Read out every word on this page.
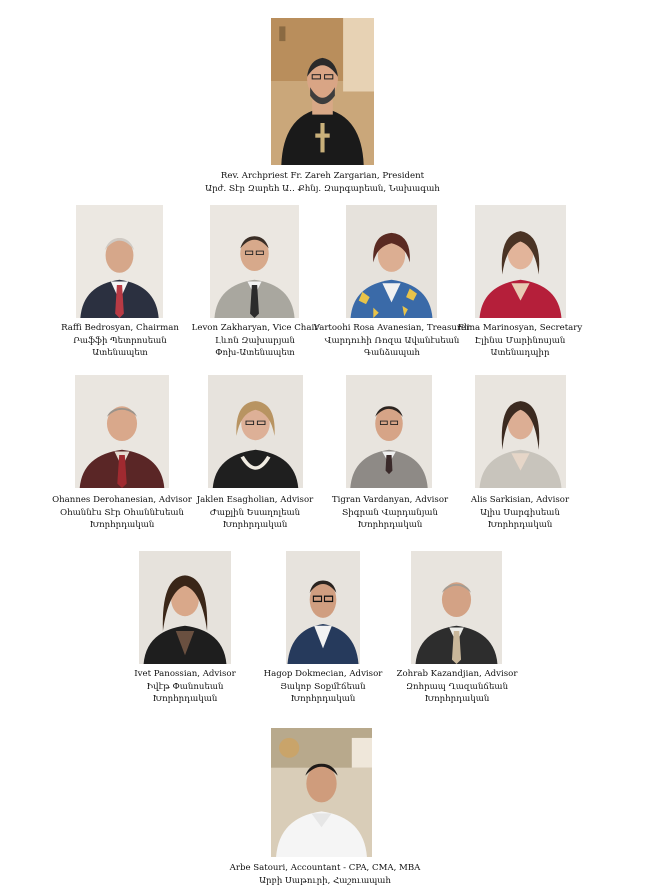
Rev. Archpriest Fr. Zareh Zargarian, President
Արժ. Տէր Զարեհ Ա․․ Քհնյ. Զարգարեան, Նախագահ
Raffi Bedrosyan, Chairman
Րաֆֆի Պետրոսեան
Ատենապետ
Levon Zakharyan, Vice Chair
Լևոն Զախարյան
Փոխ-Ատենապետ
Vartoohi Rosa Avanesian, Treasurer
Վարդուհի Ռոզա Ավանէսեան
Գանձապահ
Elina Marinosyan, Secretary
Էլինա Մարինոսյան
Ատենադպիր
Ohannes Derohanesian, Advisor
Օհաննէս Տէր Օհաննէսեան
Խորհրդական
Jaklen Esagholian, Advisor
Ժաքլին Եսաղոլեան
Խորհրդական
Tigran Vardanyan, Advisor
Տիգրան Վարդանյան
Խորհրդական
Alis Sarkisian, Advisor
Ալիս Սարգիսեան
Խորհրդական
Ivet Panossian, Advisor
Իվէթ Փանոսեան
Խորհրդական
Hagop Dokmecian, Advisor
Յակոբ Տօքմէճեան
Խորհրդական
Zohrab Kazandjian, Advisor
Զոհրապ Ղազանճեան
Խորհրդական
Arbe Satouri, Accountant - CPA, CMA, MBA
Արբի Սաթուրի, Հաշուապահ
